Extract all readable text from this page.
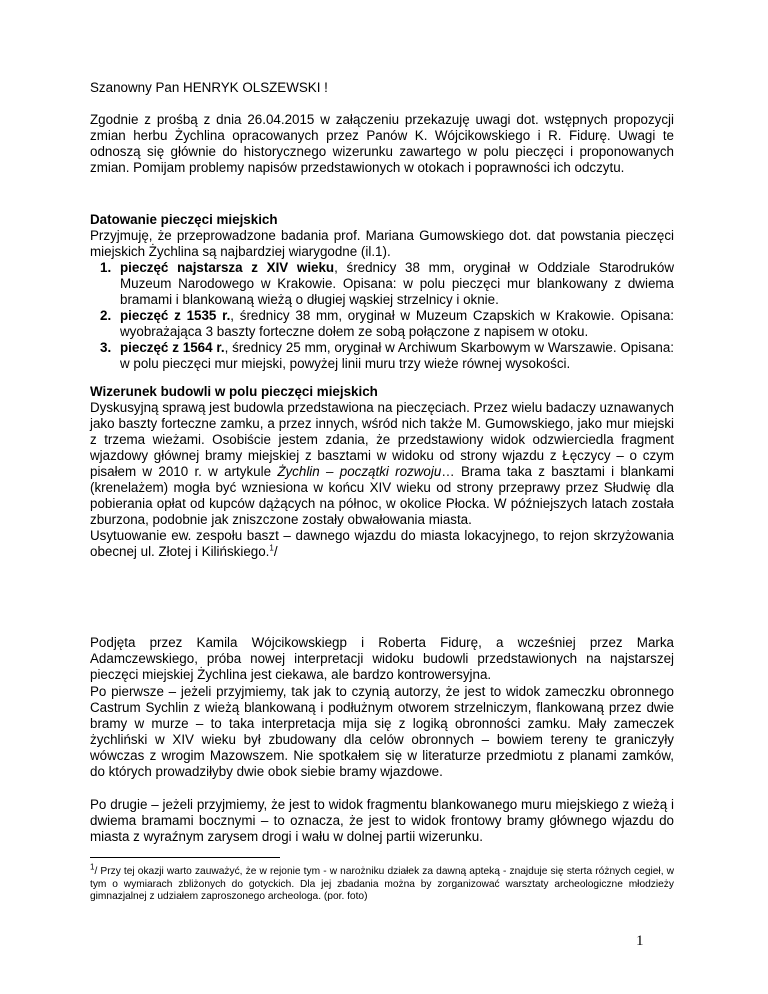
Szanowny Pan HENRYK OLSZEWSKI !

Zgodnie z prośbą z dnia 26.04.2015 w załączeniu przekazuję uwagi dot. wstępnych propozycji zmian herbu Żychlina opracowanych przez Panów K. Wójcikowskiego i R. Fidurę. Uwagi te odnoszą się głównie do historycznego wizerunku zawartego w polu pieczęci i proponowanych zmian. Pomijam problemy napisów przedstawionych w otokach i poprawności ich odczytu.

Datowanie pieczęci miejskich

Przyjmuję, że przeprowadzone badania prof. Mariana Gumowskiego dot. dat powstania pieczęci miejskich Żychlina są najbardziej wiarygodne (il.1).

1. pieczęć najstarsza z XIV wieku, średnicy 38 mm, oryginał w Oddziale Starodruków Muzeum Narodowego w Krakowie. Opisana: w polu pieczęci mur blankowany z dwiema bramami i blankowaną wieżą o długiej wąskiej strzelnicy i oknie.
2. pieczęć z 1535 r., średnicy 38 mm, oryginał w Muzeum Czapskich w Krakowie. Opisana: wyobrażająca 3 baszty forteczne dołem ze sobą połączone z napisem w otoku.
3. pieczęć z 1564 r., średnicy 25 mm, oryginał w Archiwum Skarbowym w Warszawie. Opisana: w polu pieczęci mur miejski, powyżej linii muru trzy wieże równej wysokości.
Wizerunek budowli w polu pieczęci miejskich

Dyskusyjną sprawą jest budowla przedstawiona na pieczęciach. Przez wielu badaczy uznawanych jako baszty forteczne zamku, a przez innych, wśród nich także M. Gumowskiego, jako mur miejski z trzema wieżami. Osobiście jestem zdania, że przedstawiony widok odzwierciedla fragment wjazdowy głównej bramy miejskiej z basztami w widoku od strony wjazdu z Łęczycy – o czym pisałem w 2010 r. w artykule Żychlin – początki rozwoju… Brama taka z basztami i blankami (krenelażem) mogła być wzniesiona w końcu XIV wieku od strony przeprawy przez Słudwię dla pobierania opłat od kupców dążących na północ, w okolice Płocka. W późniejszych latach została zburzona, podobnie jak zniszczone zostały obwałowania miasta.

Usytuowanie ew. zespołu baszt – dawnego wjazdu do miasta lokacyjnego, to rejon skrzyżowania obecnej ul. Złotej i Kilińskiego.$^1$/

Podjęta przez Kamila Wójcikowskiegp i Roberta Fidurę, a wcześniej przez Marka Adamczewskiego, próba nowej interpretacji widoku budowli przedstawionych na najstarszej pieczęci miejskiej Żychlina jest ciekawa, ale bardzo kontrowersyjna.

Po pierwsze – jeżeli przyjmiemy, tak jak to czynią autorzy, że jest to widok zameczku obronnego Castrum Sychlin z wieżą blankowaną i podłużnym otworem strzelniczym, flankowaną przez dwie bramy w murze – to taka interpretacja mija się z logiką obronności zamku. Mały zameczek żychliński w XIV wieku był zbudowany dla celów obronnych – bowiem tereny te graniczyły wówczas z wrogim Mazowszem. Nie spotkałem się w literaturze przedmiotu z planami zamków, do których prowadziłyby dwie obok siebie bramy wjazdowe.

Po drugie – jeżeli przyjmiemy, że jest to widok fragmentu blankowanego muru miejskiego z wieżą i dwiema bramami bocznymi – to oznacza, że jest to widok frontowy bramy głównego wjazdu do miasta z wyraźnym zarysem drogi i wału w dolnej partii wizerunku.

$^1$/ Przy tej okazji warto zauważyć, że w rejonie tym - w narożniku działek za dawną apteką - znajduje się sterta różnych cegieł, w tym o wymiarach zbliżonych do gotyckich. Dla jej zbadania można by zorganizować warsztaty archeologiczne młodzieży gimnazjalnej z udziałem zaproszonego archeologa. (por. foto)

1
